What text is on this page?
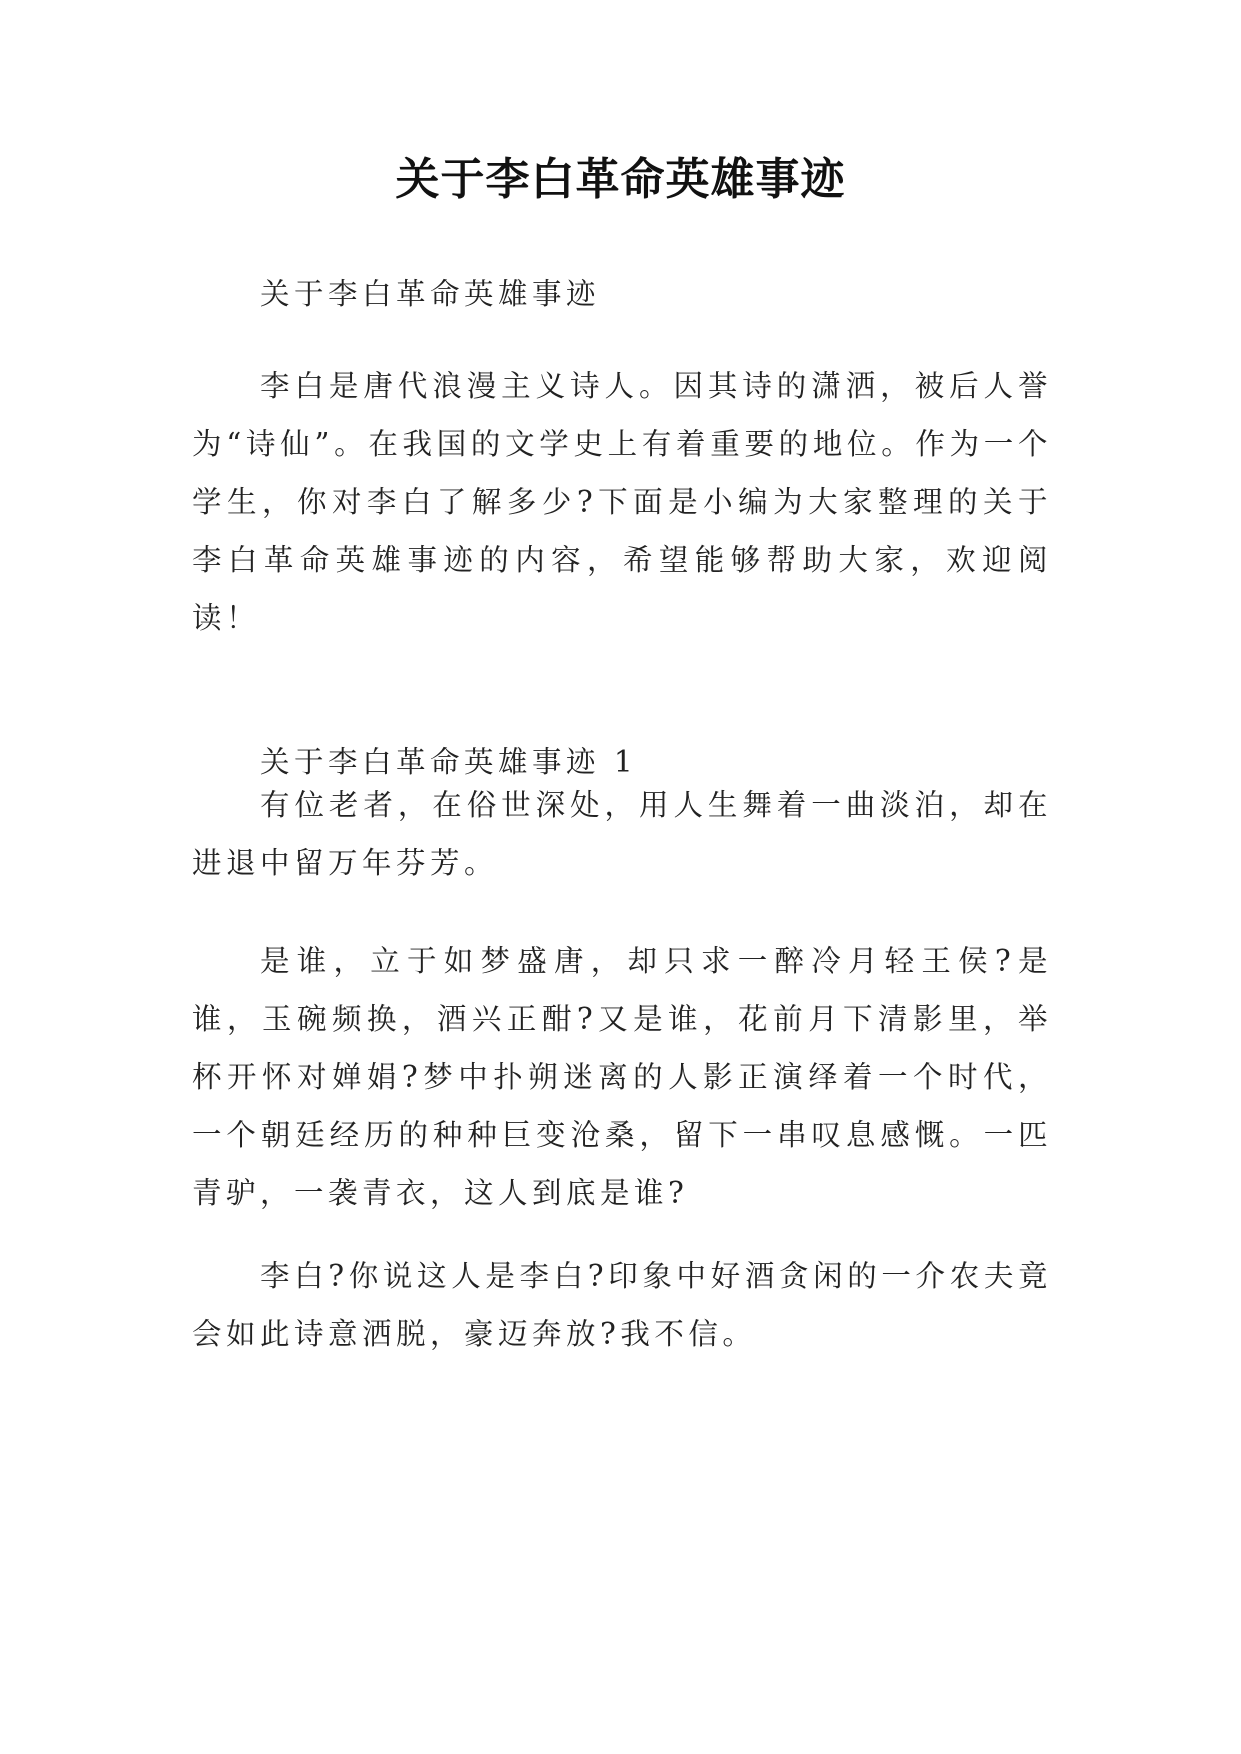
关于李白革命英雄事迹

关于李白革命英雄事迹

李白是唐代浪漫主义诗人。因其诗的潇洒，被后人誉为“诗仙”。在我国的文学史上有着重要的地位。作为一个学生，你对李白了解多少?下面是小编为大家整理的关于李白革命英雄事迹的内容，希望能够帮助大家，欢迎阅读！

关于李白革命英雄事迹 1

有位老者，在俗世深处，用人生舞着一曲淡泊，却在进退中留万年芬芳。

是谁，立于如梦盛唐，却只求一醉冷月轻王侯?是谁，玉碗频换，酒兴正酣?又是谁，花前月下清影里，举杯开怀对婵娟?梦中扑朔迷离的人影正演绎着一个时代，一个朝廷经历的种种巨变沧桑，留下一串叹息感慨。一匹青驴，一袭青衣，这人到底是谁?

李白?你说这人是李白?印象中好酒贪闲的一介农夫竟会如此诗意洒脱，豪迈奔放?我不信。
